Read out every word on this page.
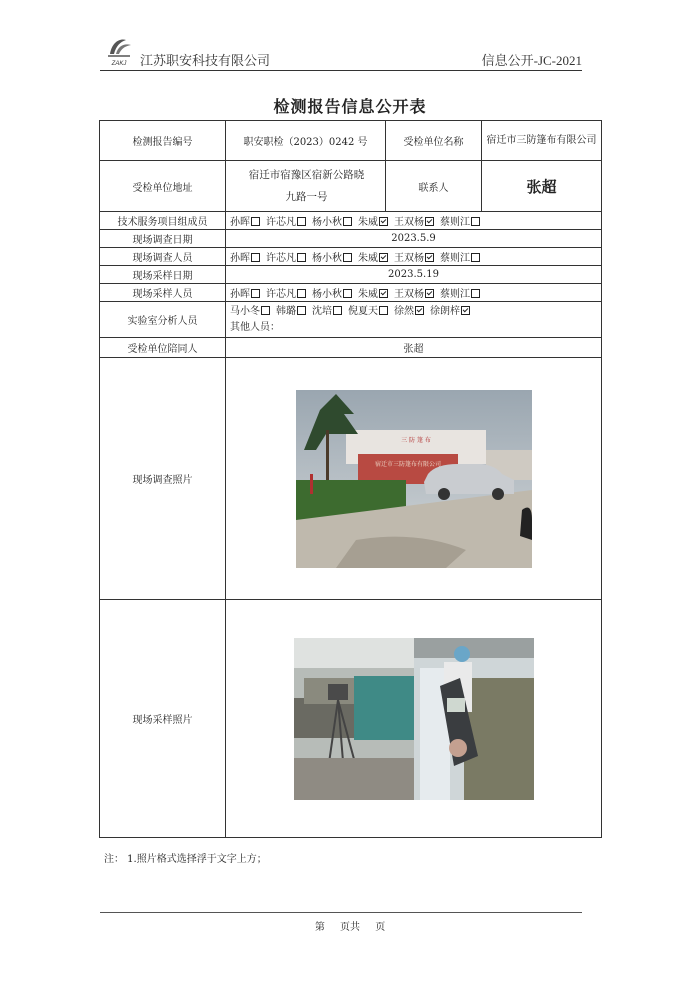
ZAKJ 江苏职安科技有限公司	信息公开-JC-2021
检测报告信息公开表
检测报告编号	职安职检（2023）0242 号	受检单位名称	宿迁市三防篷布有限公司
受检单位地址	宿迁市宿豫区宿新公路晓九路一号	联系人	张超
技术服务项目组成员	孙晖 许芯凡 杨小秋 朱威 王双杨 蔡则江		
现场调查日期	2023.5.9		
现场调查人员	孙晖 许芯凡 杨小秋 朱威 王双杨 蔡则江		
现场采样日期	2023.5.19		
现场采样人员	孙晖 许芯凡 杨小秋 朱威 王双杨 蔡则江		
实验室分析人员	马小冬 韩璐 沈培 倪夏天 徐然 徐朗梓
其他人员：		

受检单位陪同人	张超		
现场调查照片	三 防 篷 布
宿迁市三防篷布有限公司		

现场采样照片	
注： 1.照片格式选择浮于文字上方；
第 页共 页
